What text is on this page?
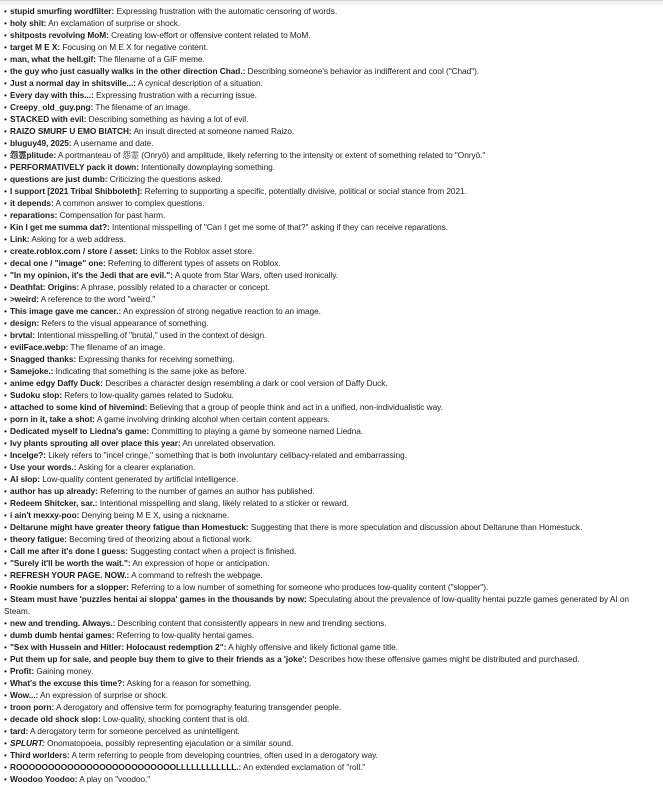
• stupid smurfing wordfilter: Expressing frustration with the automatic censoring of words.
• holy shit: An exclamation of surprise or shock.
• shitposts revolving MoM: Creating low-effort or offensive content related to MoM.
• target M E X: Focusing on M E X for negative content.
• man, what the hell.gif: The filename of a GIF meme.
• the guy who just casually walks in the other direction Chad.: Describing someone's behavior as indifferent and cool ("Chad").
• Just a normal day in shitsville...: A cynical description of a situation.
• Every day with this...: Expressing frustration with a recurring issue.
• Creepy_old_guy.png: The filename of an image.
• STACKED with evil: Describing something as having a lot of evil.
• RAIZO SMURF U EMO BIATCH: An insult directed at someone named Raizo.
• bluguy49, 2025: A username and date.
• 怨霊plitude: A portmanteau of 怨霊 (Onryō) and amplitude, likely referring to the intensity or extent of something related to "Onryō."
• PERFORMATIVELY pack it down: Intentionally downplaying something.
• questions are just dumb: Criticizing the questions asked.
• I support [2021 Tribal Shibboleth]: Referring to supporting a specific, potentially divisive, political or social stance from 2021.
• it depends: A common answer to complex questions.
• reparations: Compensation for past harm.
• Kin I get me summa dat?: Intentional misspelling of "Can I get me some of that?" asking if they can receive reparations.
• Link: Asking for a web address.
• create.roblox.com / store / asset: Links to the Roblox asset store.
• decal one / "image" one: Referring to different types of assets on Roblox.
• "In my opinion, it's the Jedi that are evil.": A quote from Star Wars, often used ironically.
• Deathfat: Origins: A phrase, possibly related to a character or concept.
• >weird: A reference to the word "weird."
• This image gave me cancer.: An expression of strong negative reaction to an image.
• design: Refers to the visual appearance of something.
• brvtal: Intentional misspelling of "brutal," used in the context of design.
• evilFace.webp: The filename of an image.
• Snagged thanks: Expressing thanks for receiving something.
• Samejoke.: Indicating that something is the same joke as before.
• anime edgy Daffy Duck: Describes a character design resembling a dark or cool version of Daffy Duck.
• Sudoku slop: Refers to low-quality games related to Sudoku.
• attached to some kind of hivemind: Believing that a group of people think and act in a unified, non-individualistic way.
• porn in it, take a shot: A game involving drinking alcohol when certain content appears.
• Dedicated myself to Liedna's game: Committing to playing a game by someone named Liedna.
• Ivy plants sprouting all over place this year: An unrelated observation.
• Incelge?: Likely refers to "incel cringe," something that is both involuntary celibacy-related and embarrassing.
• Use your words.: Asking for a clearer explanation.
• AI slop: Low-quality content generated by artificial intelligence.
• author has up already: Referring to the number of games an author has published.
• Redeem Shitcker, sar.: Intentional misspelling and slang, likely related to a sticker or reward.
• i ain't mexxy-poo: Denying being M E X, using a nickname.
• Deltarune might have greater theory fatigue than Homestuck: Suggesting that there is more speculation and discussion about Deltarune than Homestuck.
• theory fatigue: Becoming tired of theorizing about a fictional work.
• Call me after it's done I guess: Suggesting contact when a project is finished.
• "Surely it'll be worth the wait.": An expression of hope or anticipation.
• REFRESH YOUR PAGE. NOW.: A command to refresh the webpage.
• Rookie numbers for a slopper: Referring to a low number of something for someone who produces low-quality content ("slopper").
• Steam must have 'puzzles hentai ai sloppa' games in the thousands by now: Speculating about the prevalence of low-quality hentai puzzle games generated by AI on Steam.
• new and trending. Always.: Describing content that consistently appears in new and trending sections.
• dumb dumb hentai games: Referring to low-quality hentai games.
• "Sex with Hussein and Hitler: Holocaust redemption 2": A highly offensive and likely fictional game title.
• Put them up for sale, and people buy them to give to their friends as a 'joke': Describes how these offensive games might be distributed and purchased.
• Profit: Gaining money.
• What's the excuse this time?: Asking for a reason for something.
• Wow...: An expression of surprise or shock.
• troon porn: A derogatory and offensive term for pornography featuring transgender people.
• decade old shock slop: Low-quality, shocking content that is old.
• tard: A derogatory term for someone perceived as unintelligent.
• SPLURT: Onomatopoeia, possibly representing ejaculation or a similar sound.
• Third worlders: A term referring to people from developing countries, often used in a derogatory way.
• ROOOOOOOOOOOOOOOOOOOOOOOOOLLLLLLLLLLLL.: An extended exclamation of "roll."
• Woodoo Yoodoo: A play on "voodoo."
